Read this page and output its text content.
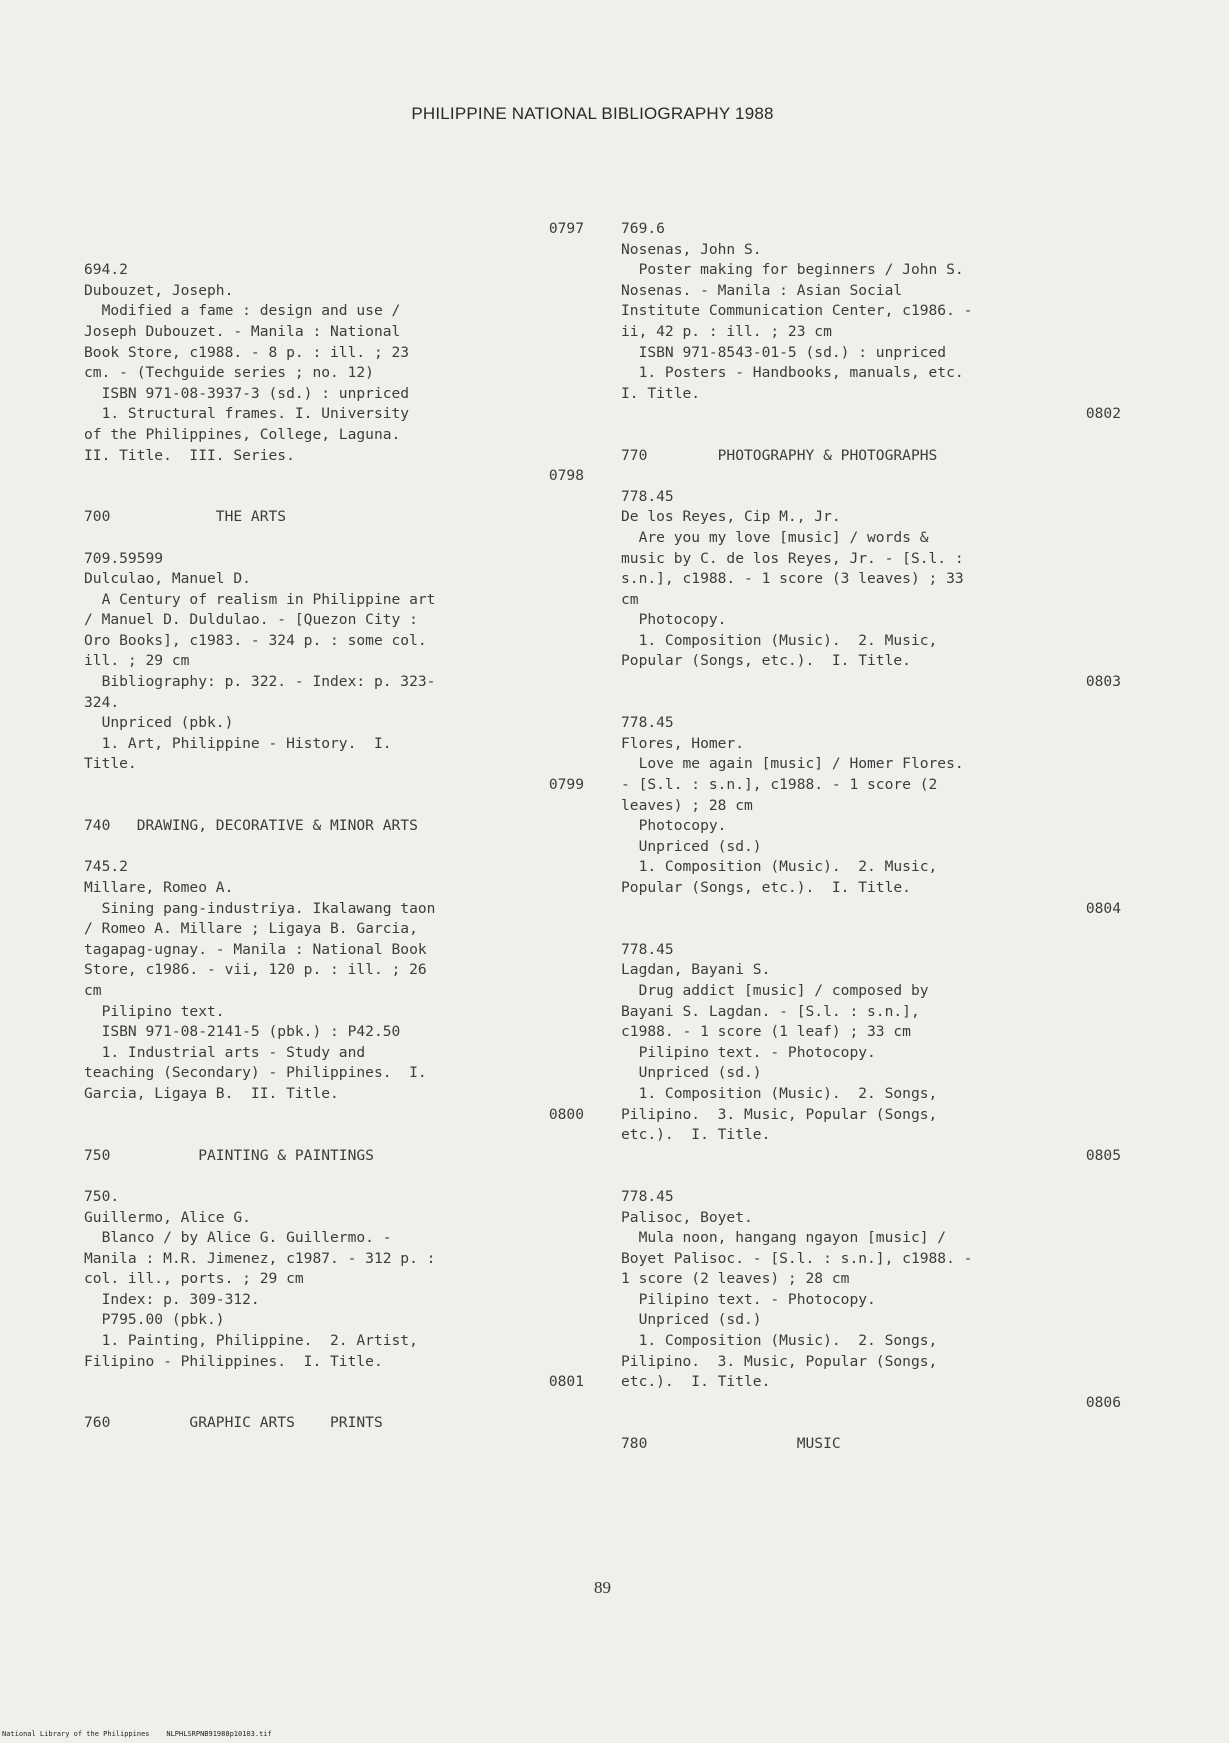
PHILIPPINE NATIONAL BIBLIOGRAPHY 1988
0797
694.2
Dubouzet, Joseph.
Modified a fame : design and use /
Joseph Dubouzet. - Manila : National
Book Store, c1988. - 8 p. : ill. ; 23
cm. - (Techguide series ; no. 12)
ISBN 971-08-3937-3 (sd.) : unpriced
1. Structural frames. I. University
of the Philippines, College, Laguna.
II. Title.  III. Series.
0798
700            THE ARTS
709.59599
Dulculao, Manuel D.
A Century of realism in Philippine art
/ Manuel D. Duldulao. - [Quezon City :
Oro Books], c1983. - 324 p. : some col.
ill. ; 29 cm
Bibliography: p. 322. - Index: p. 323-
324.
Unpriced (pbk.)
1. Art, Philippine - History.  I.
Title.
0799
740   DRAWING, DECORATIVE & MINOR ARTS
745.2
Millare, Romeo A.
Sining pang-industriya. Ikalawang taon
/ Romeo A. Millare ; Ligaya B. Garcia,
tagapag-ugnay. - Manila : National Book
Store, c1986. - vii, 120 p. : ill. ; 26
cm
Pilipino text.
ISBN 971-08-2141-5 (pbk.) : P42.50
1. Industrial arts - Study and
teaching (Secondary) - Philippines.  I.
Garcia, Ligaya B.  II. Title.
0800
750          PAINTING & PAINTINGS
750.
Guillermo, Alice G.
Blanco / by Alice G. Guillermo. -
Manila : M.R. Jimenez, c1987. - 312 p. :
col. ill., ports. ; 29 cm
Index: p. 309-312.
P795.00 (pbk.)
1. Painting, Philippine.  2. Artist,
Filipino - Philippines.  I. Title.
0801
760         GRAPHIC ARTS    PRINTS
769.6
Nosenas, John S.
Poster making for beginners / John S.
Nosenas. - Manila : Asian Social
Institute Communication Center, c1986. -
ii, 42 p. : ill. ; 23 cm
ISBN 971-8543-01-5 (sd.) : unpriced
1. Posters - Handbooks, manuals, etc.
I. Title.
0802
770        PHOTOGRAPHY & PHOTOGRAPHS
778.45
De los Reyes, Cip M., Jr.
Are you my love [music] / words &
music by C. de los Reyes, Jr. - [S.l. :
s.n.], c1988. - 1 score (3 leaves) ; 33
cm
Photocopy.
1. Composition (Music).  2. Music,
Popular (Songs, etc.).  I. Title.
0803
778.45
Flores, Homer.
Love me again [music] / Homer Flores.
- [S.l. : s.n.], c1988. - 1 score (2
leaves) ; 28 cm
Photocopy.
Unpriced (sd.)
1. Composition (Music).  2. Music,
Popular (Songs, etc.).  I. Title.
0804
778.45
Lagdan, Bayani S.
Drug addict [music] / composed by
Bayani S. Lagdan. - [S.l. : s.n.],
c1988. - 1 score (1 leaf) ; 33 cm
Pilipino text. - Photocopy.
Unpriced (sd.)
1. Composition (Music).  2. Songs,
Pilipino.  3. Music, Popular (Songs,
etc.).  I. Title.
0805
778.45
Palisoc, Boyet.
Mula noon, hangang ngayon [music] /
Boyet Palisoc. - [S.l. : s.n.], c1988. -
1 score (2 leaves) ; 28 cm
Pilipino text. - Photocopy.
Unpriced (sd.)
1. Composition (Music).  2. Songs,
Pilipino.  3. Music, Popular (Songs,
etc.).  I. Title.
0806
780                 MUSIC
89
National Library of the Philippines    NLPHLSRPNB91988p10103.tif
